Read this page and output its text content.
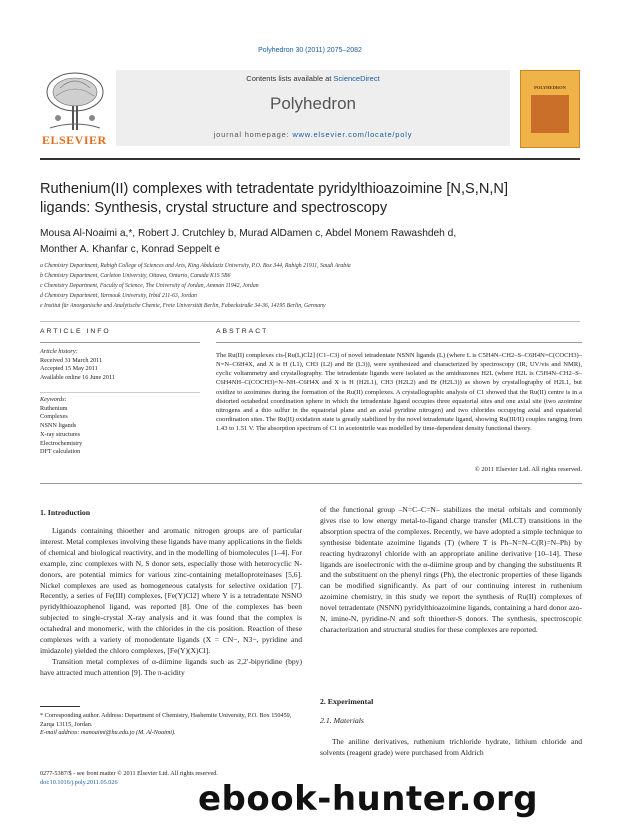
Polyhedron 30 (2011) 2075–2082
ELSEVIER
Contents lists available at ScienceDirect
Polyhedron
journal homepage: www.elsevier.com/locate/poly
POLYHEDRON
Ruthenium(II) complexes with tetradentate pyridylthioazoimine [N,S,N,N] ligands: Synthesis, crystal structure and spectroscopy
Mousa Al-Noaimi a,*, Robert J. Crutchley b, Murad AlDamen c, Abdel Monem Rawashdeh d,
Monther A. Khanfar c, Konrad Seppelt e
a Chemistry Department, Rabigh College of Sciences and Arts, King Abdulaziz University, P.O. Box 344, Rabigh 21911, Saudi Arabia
b Chemistry Department, Carleton University, Ottawa, Ontario, Canada K1S 5B6
c Chemistry Department, Faculty of Science, The University of Jordan, Amman 11942, Jordan
d Chemistry Department, Yarmouk University, Irbid 211-63, Jordan
e Institut für Anorganische und Analytische Chemie, Freie Universität Berlin, Fabeckstraße 34-36, 14195 Berlin, Germany
ARTICLE INFO	ABSTRACT
Article history:
Received 31 March 2011
Accepted 15 May 2011
Available online 16 June 2011
Keywords:
Ruthenium
Complexes
NSNN ligands
X-ray structures
Electrochemistry
DFT calculation
The Ru(II) complexes cis-[Ru(L)Cl2] (C1–C3) of novel tetradentate NSNN ligands (L) (where L is C5H4N–CH2–S–C6H4N=C(COCH3)–N=N–C6H4X, and X is H (L1), CH3 (L2) and Br (L3)), were synthesized and characterized by spectroscopy (IR, UV/vis and NMR), cyclic voltammetry and crystallography. The tetradentate ligands were isolated as the amidrazones H2L (where H2L is C5H4N–CH2–S–C6H4NH–C(COCH3)=N–NH–C6H4X and X is H (H2L1), CH3 (H2L2) and Br (H2L3)) as shown by crystallography of H2L1, but oxidize to azoimines during the formation of the Ru(II) complexes. A crystallographic analysis of C1 showed that the Ru(II) centre is in a distorted octahedral coordination sphere in which the tetradentate ligand occupies three equatorial sites and one axial site (two azoimine nitrogens and a thio sulfur in the equatorial plane and an axial pyridine nitrogen) and two chlorides occupying axial and equatorial coordination sites. The Ru(II) oxidation state is greatly stabilized by the novel tetradentate ligand, showing Ru(III/II) couples ranging from 1.43 to 1.51 V. The absorption spectrum of C1 in acetonitrile was modelled by time-dependent density functional theory.
© 2011 Elsevier Ltd. All rights reserved.
1. Introduction

Ligands containing thioether and aromatic nitrogen groups are of particular interest. Metal complexes involving these ligands have many applications in the fields of chemical and biological reactivity, and in the modelling of biomolecules [1–4]. For example, zinc complexes with N, S donor sets, especially those with heterocyclic N-donors, are potential mimics for various zinc-containing metalloproteinases [5,6]. Nickel complexes are used as homogeneous catalysts for selective oxidation [7]. Recently, a series of Fe(III) complexes, [Fe(Y)Cl2] where Y is a tetradentate NSNO pyridylthioazophenol ligand, was reported [8]. One of the complexes has been subjected to single-crystal X-ray analysis and it was found that the complex is octahedral and monomeric, with the chlorides in the cis position. Reaction of these complexes with a variety of monodentate ligands (X = CN−, N3−, pyridine and imidazole) yielded the chloro complexes, [Fe(Y)(X)Cl].

Transition metal complexes of α-diimine ligands such as 2,2′-bipyridine (bpy) have attracted much attention [9]. The π-acidity

of the functional group –N=C–C=N– stabilizes the metal orbitals and commonly gives rise to low energy metal-to-ligand charge transfer (MLCT) transitions in the absorption spectra of the complexes. Recently, we have adopted a simple technique to synthesise bidentate azoimine ligands (T) (where T is Ph–N=N–C(R)=N–Ph) by reacting hydrazonyl chloride with an appropriate aniline derivative [10–14]. These ligands are isoelectronic with the α-diimine group and by changing the substituents R and the substituent on the phenyl rings (Ph), the electronic properties of these ligands can be modified significantly. As part of our continuing interest in ruthenium azoimine chemistry, in this study we report the synthesis of Ru(II) complexes of novel tetradentate (NSNN) pyridylthioazoimine ligands, containing a hard donor azo-N, imine-N, pyridine-N and soft thioether-S donors. The synthesis, spectroscopic characterization and structural studies for these complexes are reported.

2. Experimental
2.1. Materials

The aniline derivatives, ruthenium trichloride hydrate, lithium chloride and solvents (reagent grade) were purchased from Aldrich

* Corresponding author. Address: Department of Chemistry, Hashemite University, P.O. Box 150459, Zarqa 13115, Jordan.
E-mail address: manoaimi@hu.edu.jo (M. Al-Noaimi).
0277-5387/$ - see front matter © 2011 Elsevier Ltd. All rights reserved.
doi:10.1016/j.poly.2011.05.026	ebook-hunter.org
